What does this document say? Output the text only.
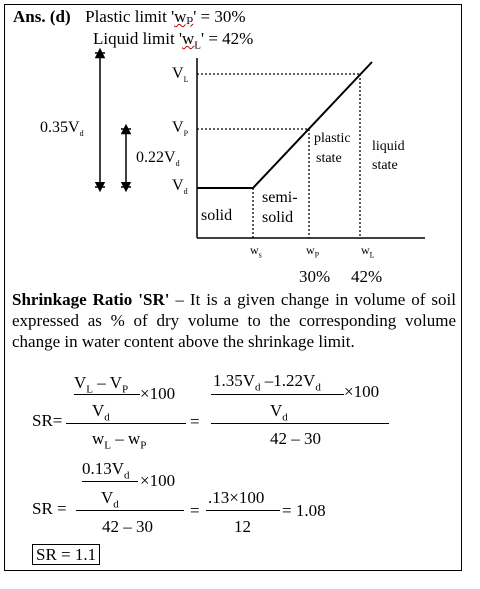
Ans. (d) Plastic limit 'wₚ' = 30%
Liquid limit '$w_L' = 42\%$
$0.35V_d$
$0.22V_d$
$V_L$
$V_P$
$V_d$
solid
semi-
solid
plastic
state
liquid
state
$w_s$	$w_P$	$w_L$
30% 42%
Shrinkage Ratio 'SR' – It is a given change in volume of soil expressed as % of dry volume to the corresponding volume change in water content above the shrinkage limit.
SR=
$V_L - V_P \times 100$
$V_d$
$w_L - w_P$
=
$1.35V_d$ $-1.22V_d \times 100$
$V_d$
42 – 30
SR =
$0.13V_d \times 100$
$V_d$
42 – 30
=
.13×100
12
= 1.08
SR = 1.1
